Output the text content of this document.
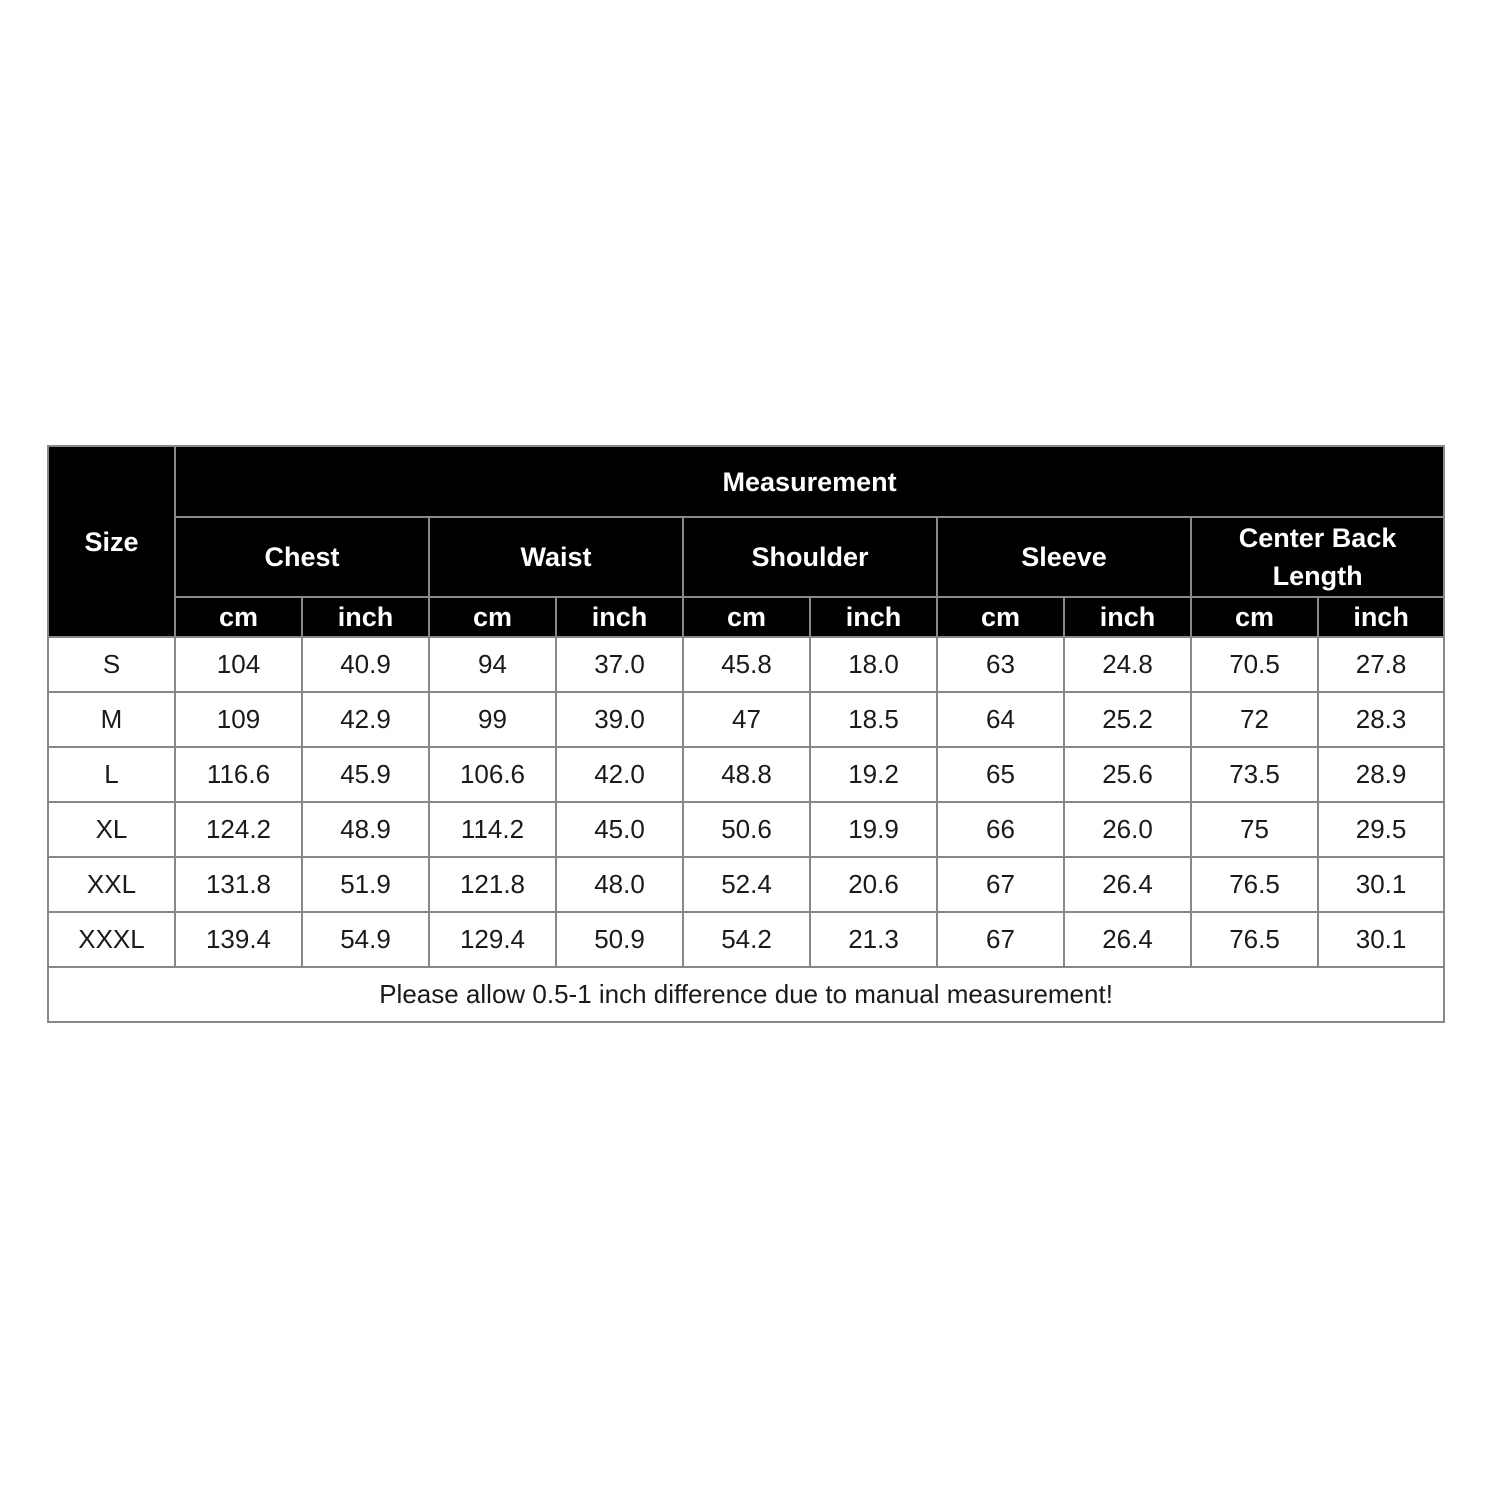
Size	Measurement									
	Chest		Waist		Shoulder		Sleeve		Center Back Length	
	cm	inch	cm	inch	cm	inch	cm	inch	cm	inch
S	104	40.9	94	37.0	45.8	18.0	63	24.8	70.5	27.8
M	109	42.9	99	39.0	47	18.5	64	25.2	72	28.3
L	116.6	45.9	106.6	42.0	48.8	19.2	65	25.6	73.5	28.9
XL	124.2	48.9	114.2	45.0	50.6	19.9	66	26.0	75	29.5
XXL	131.8	51.9	121.8	48.0	52.4	20.6	67	26.4	76.5	30.1
XXXL	139.4	54.9	129.4	50.9	54.2	21.3	67	26.4	76.5	30.1
Please allow 0.5-1 inch difference due to manual measurement!										
